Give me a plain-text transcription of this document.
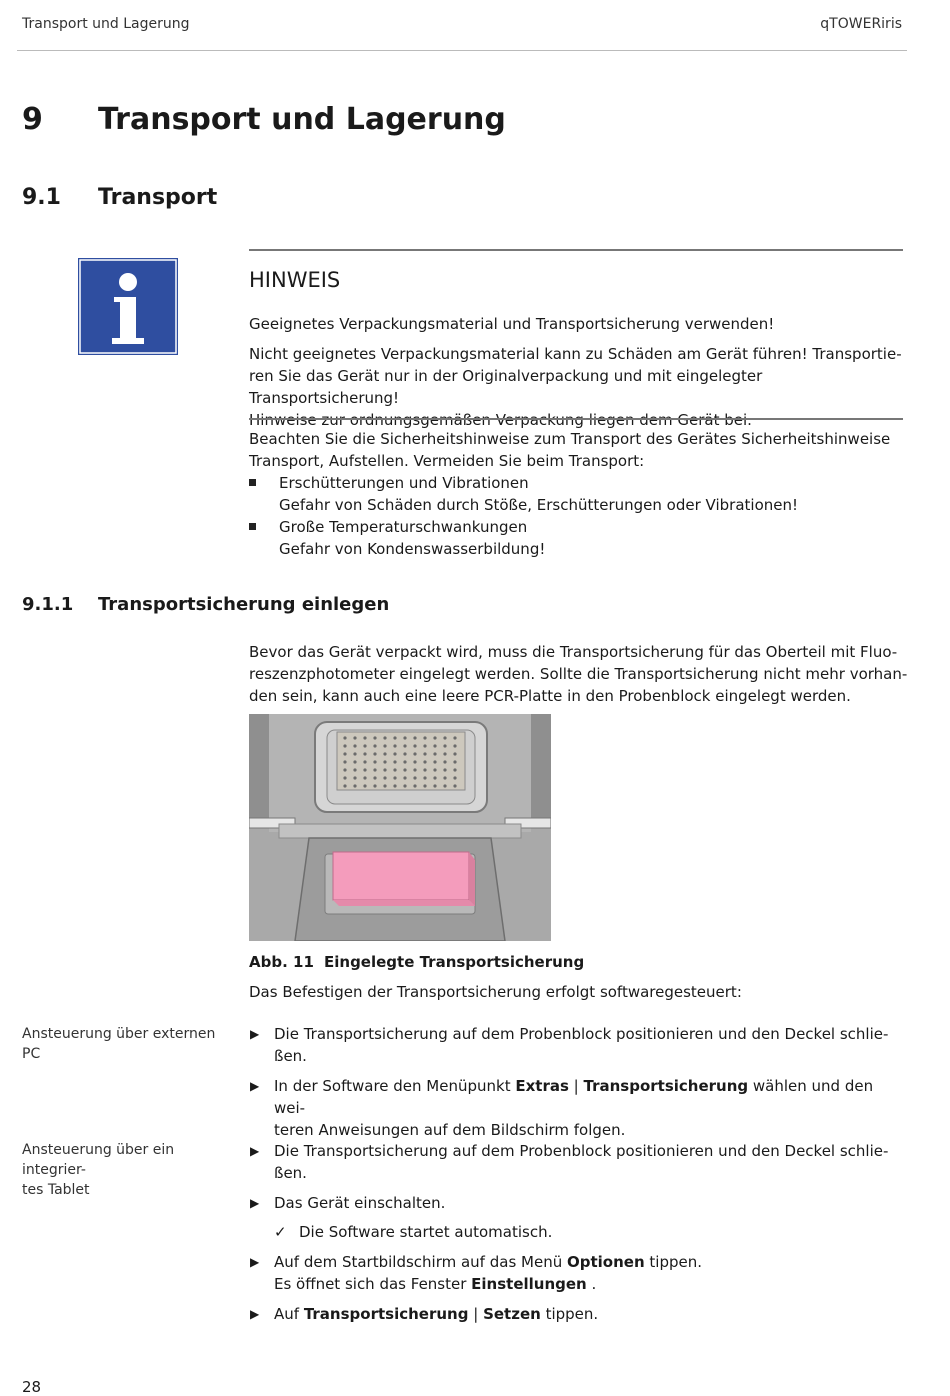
Transport und Lagerung	qTOWERiris
9 Transport und Lagerung
9.1 Transport
HINWEIS
Geeignetes Verpackungsmaterial und Transportsicherung verwenden!
Nicht geeignetes Verpackungsmaterial kann zu Schäden am Gerät führen! Transportie-
ren Sie das Gerät nur in der Originalverpackung und mit eingelegter Transportsicherung!
Hinweise zur ordnungsgemäßen Verpackung liegen dem Gerät bei.
Beachten Sie die Sicherheitshinweise zum Transport des Gerätes Sicherheitshinweise
Transport, Aufstellen. Vermeiden Sie beim Transport:
Erschütterungen und Vibrationen
Gefahr von Schäden durch Stöße, Erschütterungen oder Vibrationen!
Große Temperaturschwankungen
Gefahr von Kondenswasserbildung!
9.1.1 Transportsicherung einlegen
Bevor das Gerät verpackt wird, muss die Transportsicherung für das Oberteil mit Fluo-
reszenzphotometer eingelegt werden. Sollte die Transportsicherung nicht mehr vorhan-
den sein, kann auch eine leere PCR-Platte in den Probenblock eingelegt werden.
Abb. 11 Eingelegte Transportsicherung
Das Befestigen der Transportsicherung erfolgt softwaregesteuert:
Ansteuerung über externen PC
▶ Die Transportsicherung auf dem Probenblock positionieren und den Deckel schlie-
ßen.
▶ In der Software den Menüpunkt Extras | Transportsicherung wählen und den wei-
teren Anweisungen auf dem Bildschirm folgen.
Ansteuerung über ein integrier-
tes Tablet
▶ Die Transportsicherung auf dem Probenblock positionieren und den Deckel schlie-
ßen.
▶ Das Gerät einschalten.
✓ Die Software startet automatisch.
▶ Auf dem Startbildschirm auf das Menü Optionen tippen.
Es öffnet sich das Fenster Einstellungen .
▶ Auf Transportsicherung | Setzen tippen.
28
